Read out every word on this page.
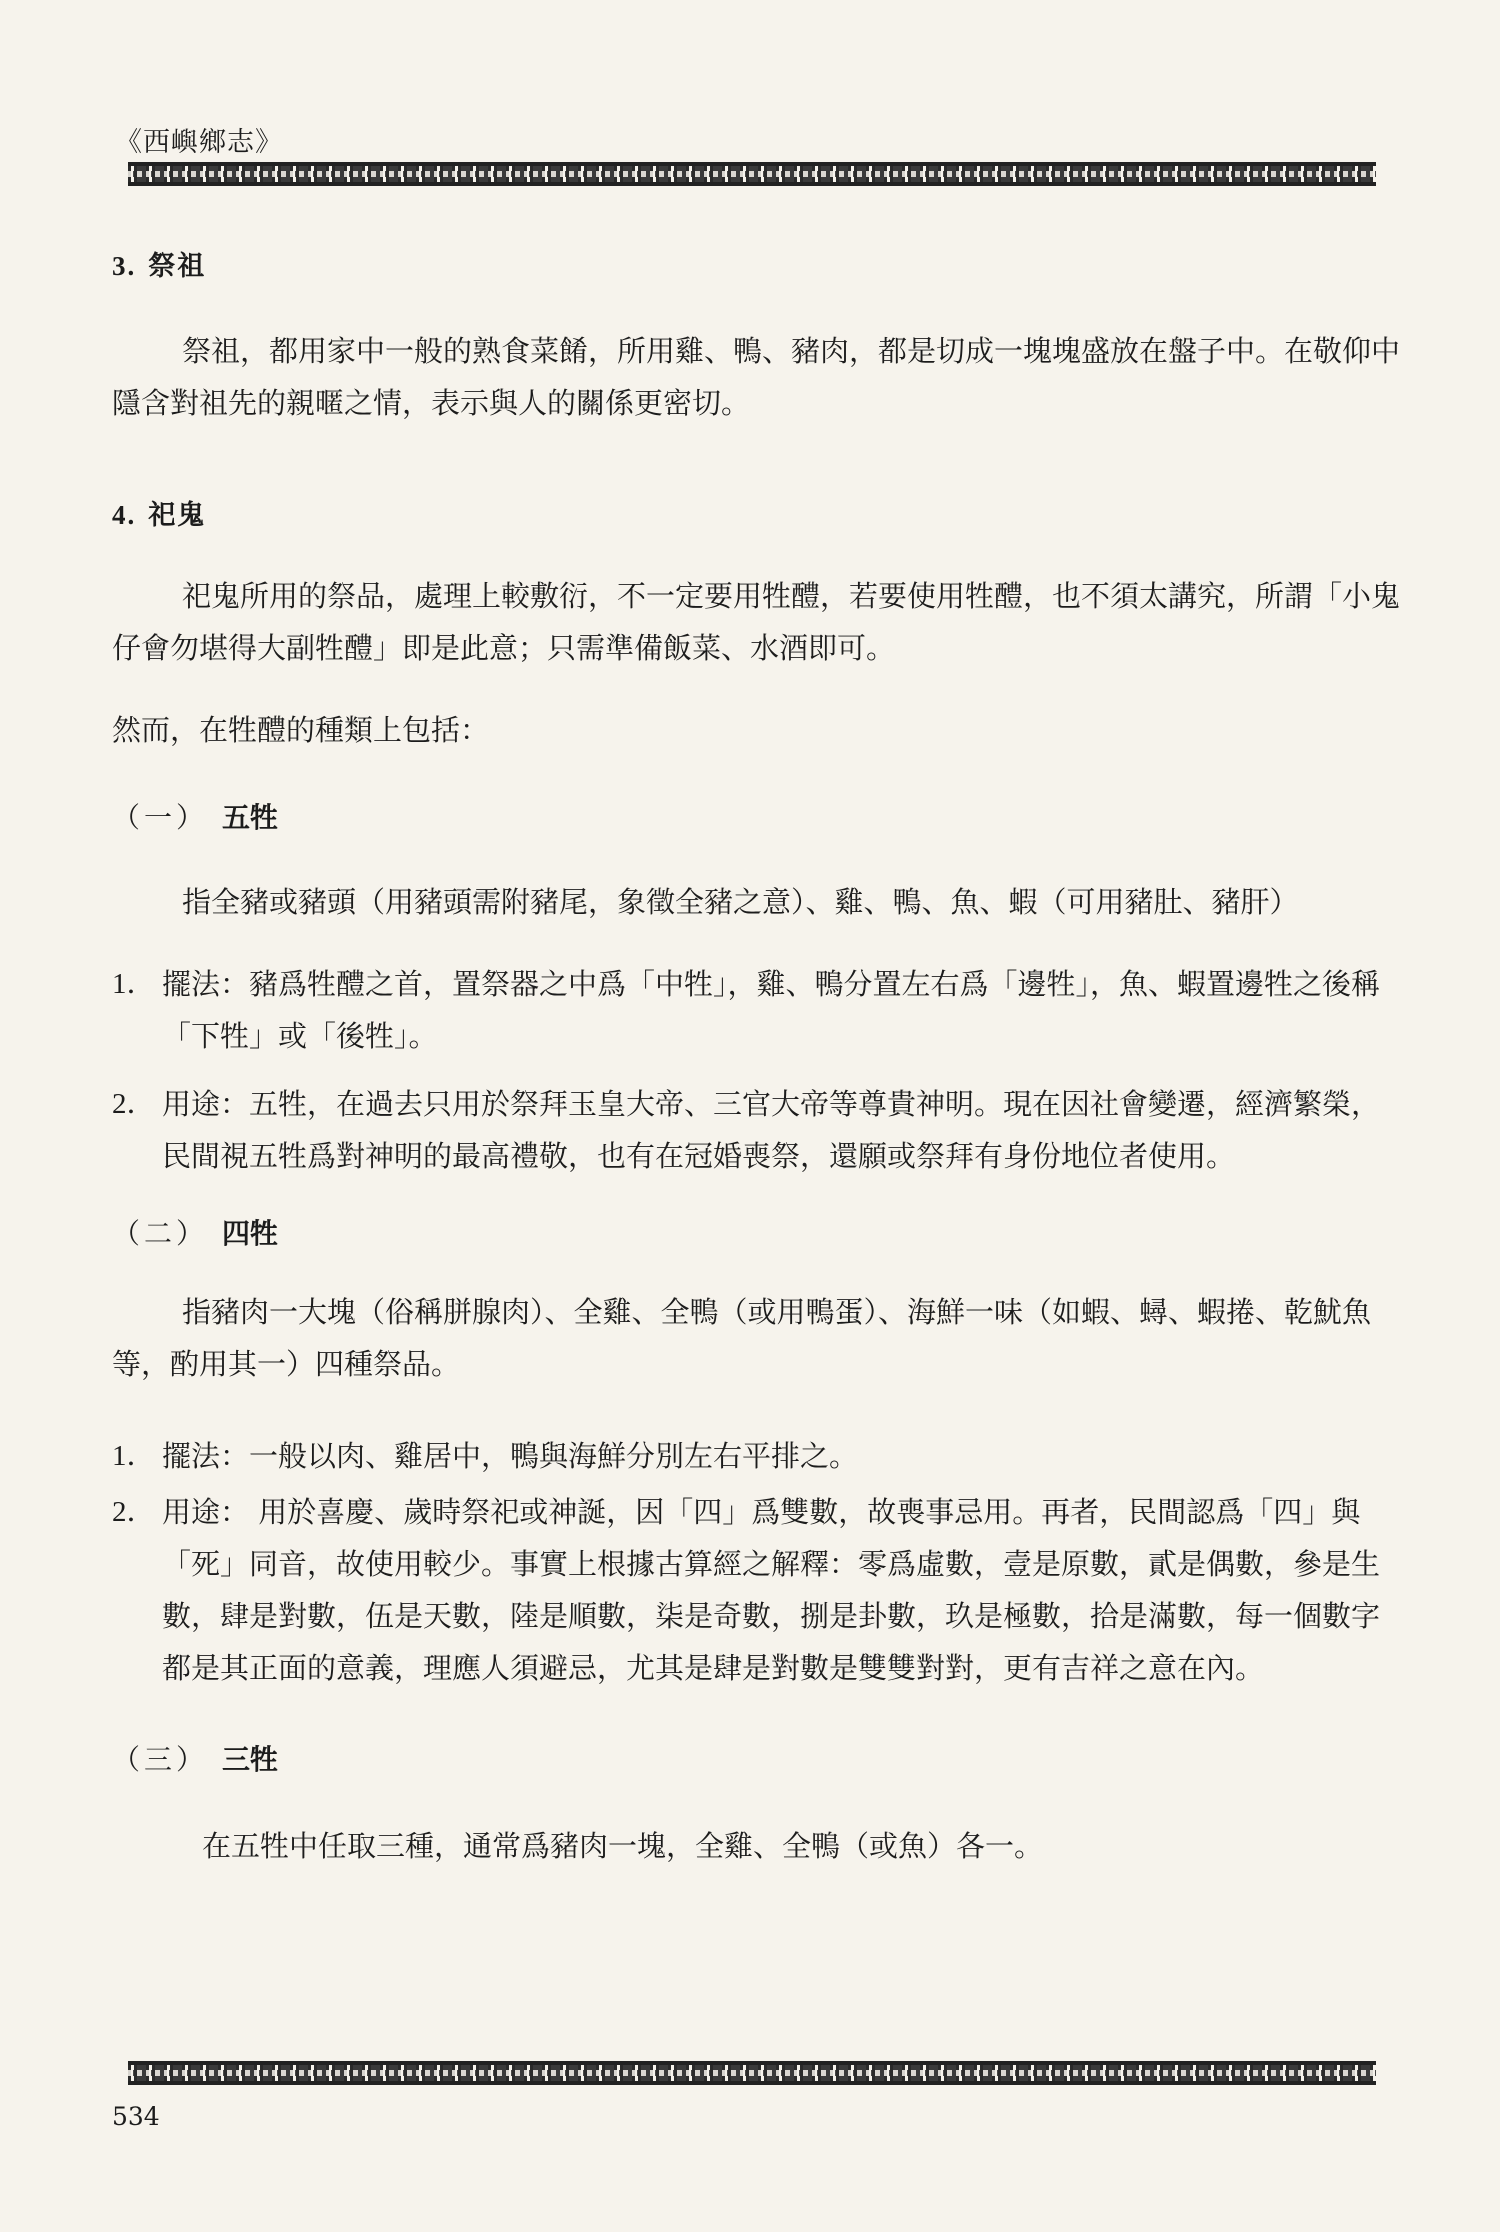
《西嶼鄉志》
3. 祭祖

祭祖，都用家中一般的熟食菜餚，所用雞、鴨、豬肉，都是切成一塊塊盛放在盤子中。在敬仰中隱含對祖先的親暱之情，表示與人的關係更密切。

4. 祀鬼

祀鬼所用的祭品，處理上較敷衍，不一定要用牲醴，若要使用牲醴，也不須太講究，所謂「小鬼仔會勿堪得大副牲醴」即是此意；只需準備飯菜、水酒即可。

然而，在牲醴的種類上包括：

（一） 五牲

指全豬或豬頭（用豬頭需附豬尾，象徵全豬之意）、雞、鴨、魚、蝦（可用豬肚、豬肝）

1． 擺法：豬爲牲醴之首，置祭器之中爲「中牲」，雞、鴨分置左右爲「邊牲」，魚、蝦置邊牲之後稱「下牲」或「後牲」。
2． 用途：五牲，在過去只用於祭拜玉皇大帝、三官大帝等尊貴神明。現在因社會變遷，經濟繁榮，民間視五牲爲對神明的最高禮敬，也有在冠婚喪祭，還願或祭拜有身份地位者使用。
（二） 四牲

指豬肉一大塊（俗稱胼腺肉）、全雞、全鴨（或用鴨蛋）、海鮮一味（如蝦、蟳、蝦捲、乾魷魚等，酌用其一）四種祭品。

1． 擺法：一般以肉、雞居中，鴨與海鮮分別左右平排之。
2． 用途： 用於喜慶、歲時祭祀或神誕，因「四」爲雙數，故喪事忌用。再者，民間認爲「四」與「死」同音，故使用較少。事實上根據古算經之解釋：零爲虛數，壹是原數，貳是偶數，參是生數，肆是對數，伍是天數，陸是順數，柒是奇數，捌是卦數，玖是極數，拾是滿數，每一個數字都是其正面的意義，理應人須避忌，尤其是肆是對數是雙雙對對，更有吉祥之意在內。
（三） 三牲

在五牲中任取三種，通常爲豬肉一塊，全雞、全鴨（或魚）各一。

534
